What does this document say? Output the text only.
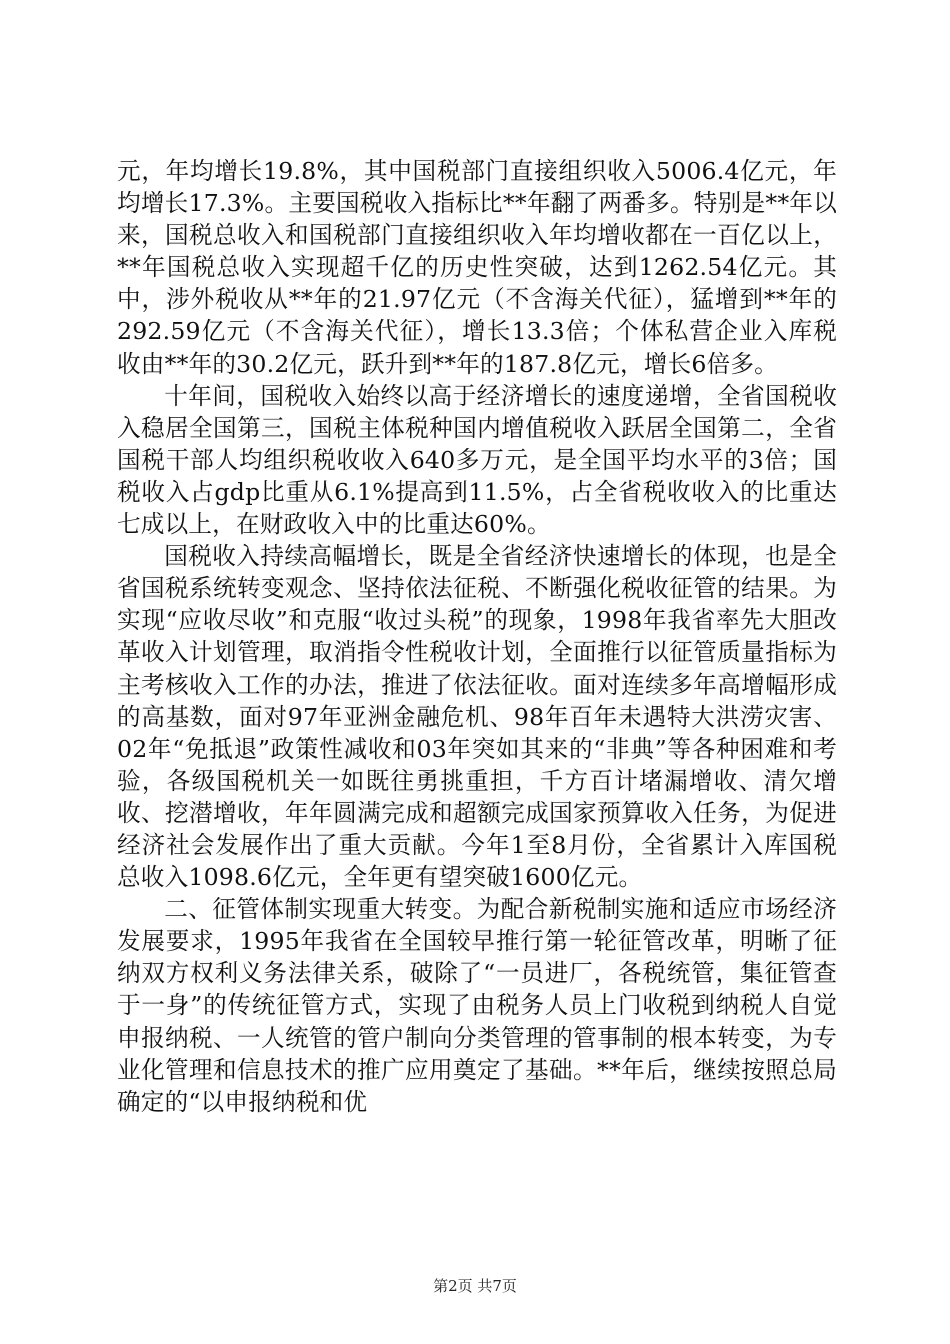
元，年均增长19.8%，其中国税部门直接组织收入5006.4亿元，年均增长17.3%。主要国税收入指标比**年翻了两番多。特别是**年以来，国税总收入和国税部门直接组织收入年均增收都在一百亿以上，**年国税总收入实现超千亿的历史性突破，达到1262.54亿元。其中，涉外税收从**年的21.97亿元（不含海关代征），猛增到**年的292.59亿元（不含海关代征），增长13.3倍；个体私营企业入库税收由**年的30.2亿元，跃升到**年的187.8亿元，增长6倍多。

十年间，国税收入始终以高于经济增长的速度递增，全省国税收入稳居全国第三，国税主体税种国内增值税收入跃居全国第二，全省国税干部人均组织税收收入640多万元，是全国平均水平的3倍；国税收入占gdp比重从6.1%提高到11.5%，占全省税收收入的比重达七成以上，在财政收入中的比重达60%。

国税收入持续高幅增长，既是全省经济快速增长的体现，也是全省国税系统转变观念、坚持依法征税、不断强化税收征管的结果。为实现“应收尽收”和克服“收过头税”的现象，1998年我省率先大胆改革收入计划管理，取消指令性税收计划，全面推行以征管质量指标为主考核收入工作的办法，推进了依法征收。面对连续多年高增幅形成的高基数，面对97年亚洲金融危机、98年百年未遇特大洪涝灾害、02年“免抵退”政策性减收和03年突如其来的“非典”等各种困难和考验，各级国税机关一如既往勇挑重担，千方百计堵漏增收、清欠增收、挖潜增收，年年圆满完成和超额完成国家预算收入任务，为促进经济社会发展作出了重大贡献。今年1至8月份，全省累计入库国税总收入1098.6亿元，全年更有望突破1600亿元。

二、征管体制实现重大转变。为配合新税制实施和适应市场经济发展要求，1995年我省在全国较早推行第一轮征管改革，明晰了征纳双方权利义务法律关系，破除了“一员进厂，各税统管，集征管查于一身”的传统征管方式，实现了由税务人员上门收税到纳税人自觉申报纳税、一人统管的管户制向分类管理的管事制的根本转变，为专业化管理和信息技术的推广应用奠定了基础。**年后，继续按照总局确定的“以申报纳税和优

第2页 共7页
